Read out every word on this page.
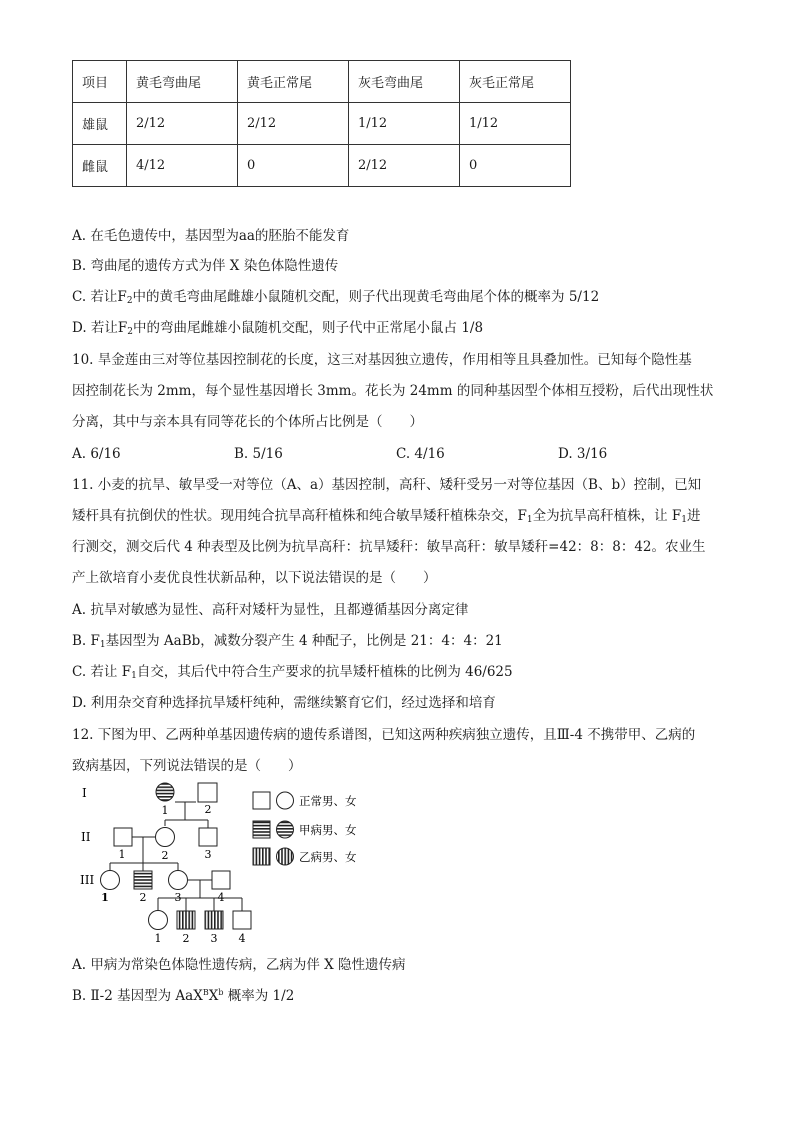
项目	黄毛弯曲尾	黄毛正常尾	灰毛弯曲尾	灰毛正常尾
雄鼠	2/12	2/12	1/12	1/12
雌鼠	4/12	0	2/12	0
A. 在毛色遗传中，基因型为aa的胚胎不能发育
B. 弯曲尾的遗传方式为伴 X 染色体隐性遗传
C. 若让$F_2$中的黄毛弯曲尾雌雄小鼠随机交配，则子代出现黄毛弯曲尾个体的概率为 5/12
D. 若让$F_2$中的弯曲尾雌雄小鼠随机交配，则子代中正常尾小鼠占 1/8
10. 旱金莲由三对等位基因控制花的长度，这三对基因独立遗传，作用相等且具叠加性。已知每个隐性基
因控制花长为 2mm，每个显性基因增长 3mm。花长为 24mm 的同种基因型个体相互授粉，后代出现性状
分离，其中与亲本具有同等花长的个体所占比例是（　　）
A. 6/16	B. 5/16	C. 4/16	D. 3/16
11. 小麦的抗旱、敏旱受一对等位（A、a）基因控制，高秆、矮秆受另一对等位基因（B、b）控制，已知
矮杆具有抗倒伏的性状。现用纯合抗旱高秆植株和纯合敏旱矮秆植株杂交，$F_1$全为抗旱高秆植株，让 $F_1$进
行测交，测交后代 4 种表型及比例为抗旱高秆：抗旱矮秆：敏旱高秆：敏旱矮秆=42：8：8：42。农业生
产上欲培育小麦优良性状新品种，以下说法错误的是（　　）
A. 抗旱对敏感为显性、高秆对矮杆为显性，且都遵循基因分离定律
B. $F_1$基因型为 AaBb，减数分裂产生 4 种配子，比例是 21：4：4：21
C. 若让 $F_1$自交，其后代中符合生产要求的抗旱矮杆植株的比例为 46/625
D. 利用杂交育种选择抗旱矮杆纯种，需继续繁育它们，经过选择和培育
12. 下图为甲、乙两种单基因遗传病的遗传系谱图，已知这两种疾病独立遗传，且Ⅲ-4 不携带甲、乙病的
致病基因，下列说法错误的是（　　）
I
II
III
1	2
1	2	3
1	2	3	4
1 2 3 4
正常男、女
甲病男、女
乙病男、女
A. 甲病为常染色体隐性遗传病，乙病为伴 X 隐性遗传病
B. Ⅱ-2 基因型为 $AaX^BX^b$ 概率为 1/2
